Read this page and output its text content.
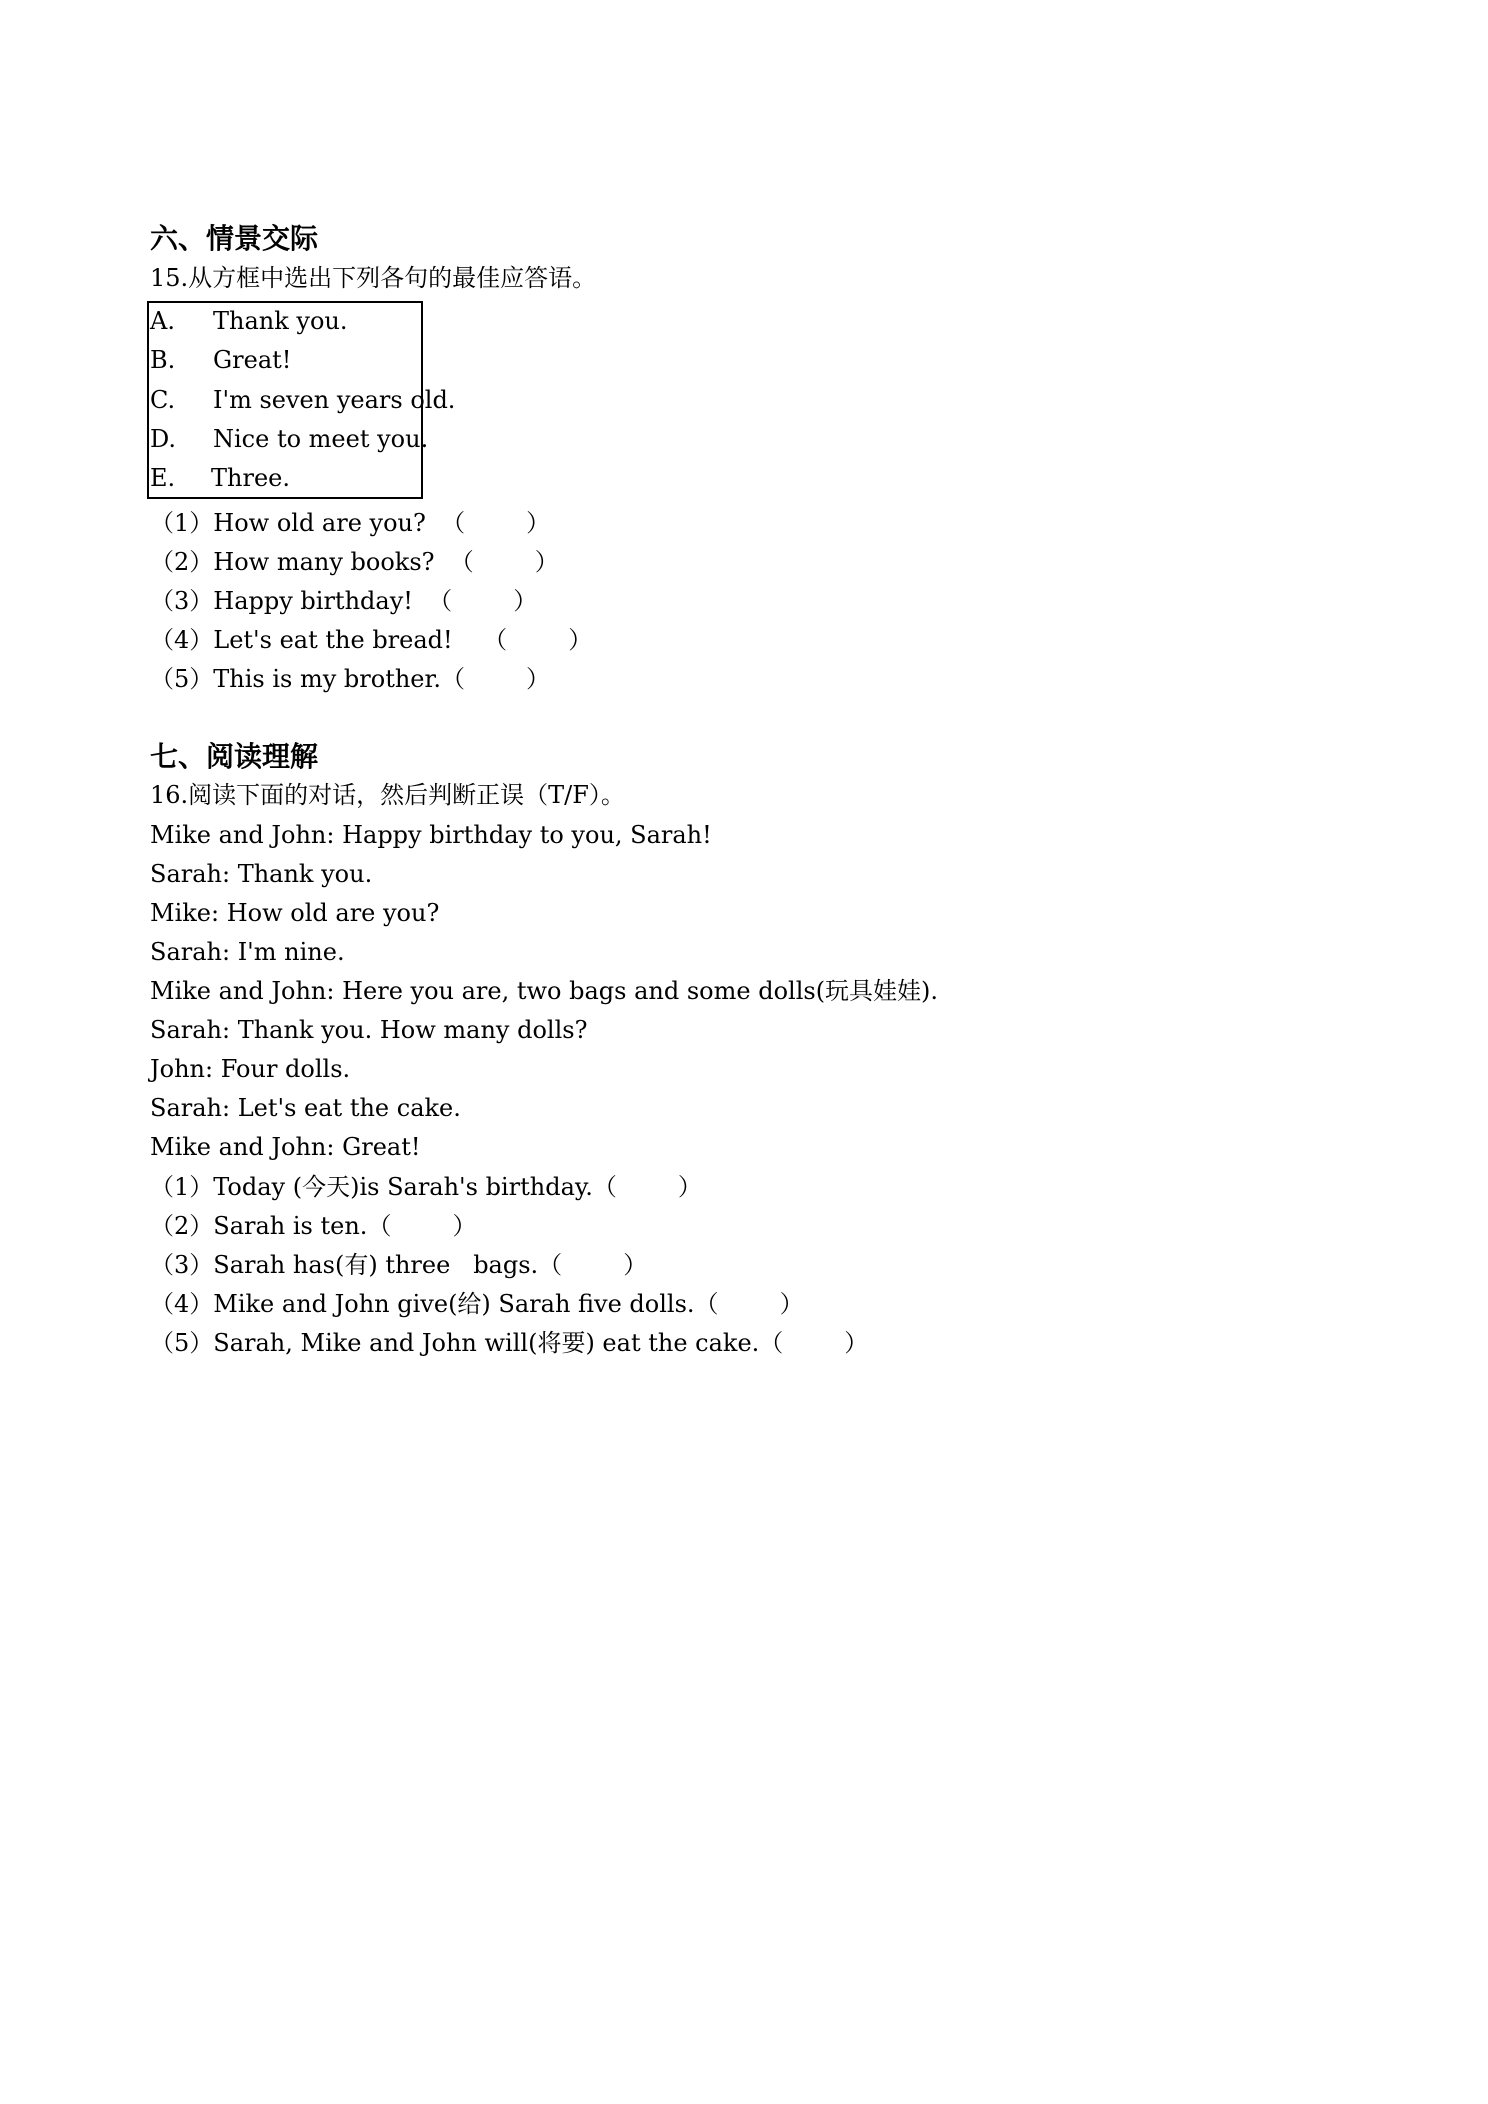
六、情景交际
15.从方框中选出下列各句的最佳应答语。
A. Thank you.
B. Great!
C. I'm seven years old.
D. Nice to meet you.
E. Three.
（1）How old are you?  （        ）
（2）How many books?  （        ）
（3）Happy birthday!  （        ）
（4）Let's eat the bread!    （        ）
（5）This is my brother.（        ）
七、阅读理解
16.阅读下面的对话，然后判断正误（T/F）。
Mike and John: Happy birthday to you, Sarah!
Sarah: Thank you.
Mike: How old are you?
Sarah: I'm nine.
Mike and John: Here you are, two bags and some dolls(玩具娃娃).
Sarah: Thank you. How many dolls?
John: Four dolls.
Sarah: Let's eat the cake.
Mike and John: Great!
（1）Today (今天)is Sarah's birthday.（        ）
（2）Sarah is ten.（        ）
（3）Sarah has(有) three   bags.（        ）
（4）Mike and John give(给) Sarah five dolls.（        ）
（5）Sarah, Mike and John will(将要) eat the cake.（        ）
